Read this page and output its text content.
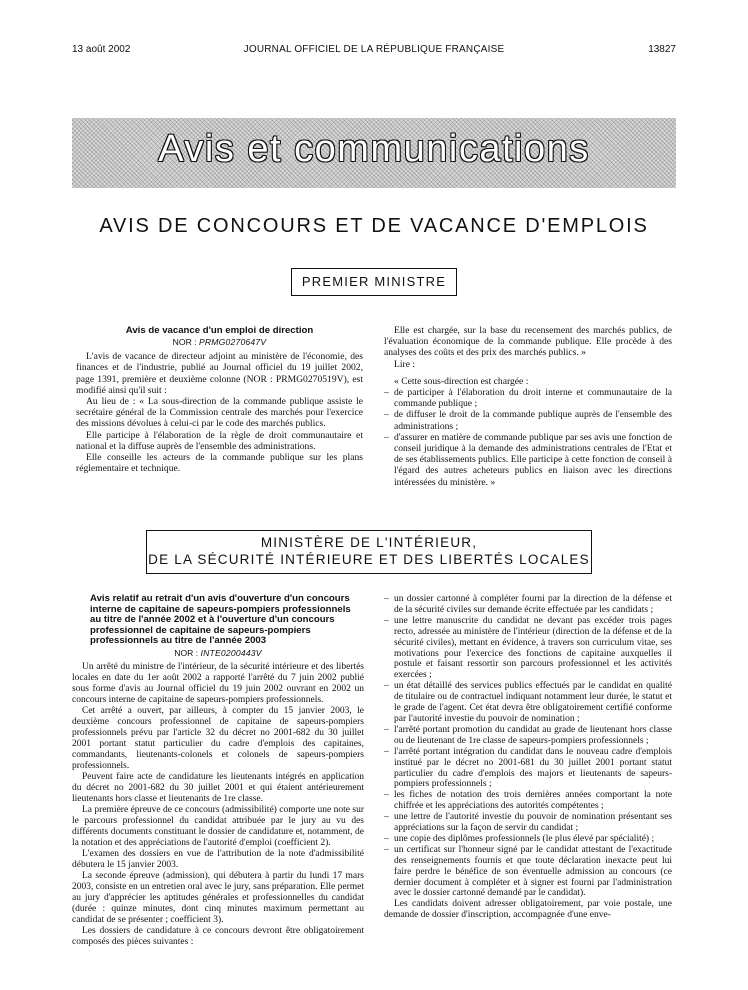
13 août 2002	JOURNAL OFFICIEL DE LA RÉPUBLIQUE FRANÇAISE	13827
Avis et communications
AVIS DE CONCOURS ET DE VACANCE D'EMPLOIS
PREMIER MINISTRE
Avis de vacance d'un emploi de direction

NOR : PRMG0270647V

L'avis de vacance de directeur adjoint au ministère de l'économie, des finances et de l'industrie, publié au Journal officiel du 19 juillet 2002, page 1391, première et deuxième colonne (NOR : PRMG0270519V), est modifié ainsi qu'il suit :

Au lieu de : « La sous-direction de la commande publique assiste le secrétaire général de la Commission centrale des marchés pour l'exercice des missions dévolues à celui-ci par le code des marchés publics.

Elle participe à l'élaboration de la règle de droit communautaire et national et la diffuse auprès de l'ensemble des administrations.

Elle conseille les acteurs de la commande publique sur les plans réglementaire et technique.

Elle est chargée, sur la base du recensement des marchés publics, de l'évaluation économique de la commande publique. Elle procède à des analyses des coûts et des prix des marchés publics. »

Lire :

« Cette sous-direction est chargée :

– de participer à l'élaboration du droit interne et communautaire de la commande publique ;
– de diffuser le droit de la commande publique auprès de l'ensemble des administrations ;
– d'assurer en matière de commande publique par ses avis une fonction de conseil juridique à la demande des administrations centrales de l'Etat et de ses établissements publics. Elle participe à cette fonction de conseil à l'égard des autres acheteurs publics en liaison avec les directions intéressées du ministère. »
MINISTÈRE DE L'INTÉRIEUR,
DE LA SÉCURITÉ INTÉRIEURE ET DES LIBERTÉS LOCALES
Avis relatif au retrait d'un avis d'ouverture d'un concours interne de capitaine de sapeurs-pompiers professionnels au titre de l'année 2002 et à l'ouverture d'un concours professionnel de capitaine de sapeurs-pompiers professionnels au titre de l'année 2003

NOR : INTE0200443V

Un arrêté du ministre de l'intérieur, de la sécurité intérieure et des libertés locales en date du 1er août 2002 a rapporté l'arrêté du 7 juin 2002 publié sous forme d'avis au Journal officiel du 19 juin 2002 ouvrant en 2002 un concours interne de capitaine de sapeurs-pompiers professionnels.

Cet arrêté a ouvert, par ailleurs, à compter du 15 janvier 2003, le deuxième concours professionnel de capitaine de sapeurs-pompiers professionnels prévu par l'article 32 du décret no 2001-682 du 30 juillet 2001 portant statut particulier du cadre d'emplois des capitaines, commandants, lieutenants-colonels et colonels de sapeurs-pompiers professionnels.

Peuvent faire acte de candidature les lieutenants intégrés en application du décret no 2001-682 du 30 juillet 2001 et qui étaient antérieurement lieutenants hors classe et lieutenants de 1re classe.

La première épreuve de ce concours (admissibilité) comporte une note sur le parcours professionnel du candidat attribuée par le jury au vu des différents documents constituant le dossier de candidature et, notamment, de la notation et des appréciations de l'autorité d'emploi (coefficient 2).

L'examen des dossiers en vue de l'attribution de la note d'admissibilité débutera le 15 janvier 2003.

La seconde épreuve (admission), qui débutera à partir du lundi 17 mars 2003, consiste en un entretien oral avec le jury, sans préparation. Elle permet au jury d'apprécier les aptitudes générales et professionnelles du candidat (durée : quinze minutes, dont cinq minutes maximum permettant au candidat de se présenter ; coefficient 3).

Les dossiers de candidature à ce concours devront être obligatoirement composés des pièces suivantes :

– un dossier cartonné à compléter fourni par la direction de la défense et de la sécurité civiles sur demande écrite effectuée par les candidats ;
– une lettre manuscrite du candidat ne devant pas excéder trois pages recto, adressée au ministère de l'intérieur (direction de la défense et de la sécurité civiles), mettant en évidence, à travers son curriculum vitae, ses motivations pour l'exercice des fonctions de capitaine auxquelles il postule et faisant ressortir son parcours professionnel et les activités exercées ;
– un état détaillé des services publics effectués par le candidat en qualité de titulaire ou de contractuel indiquant notamment leur durée, le statut et le grade de l'agent. Cet état devra être obligatoirement certifié conforme par l'autorité investie du pouvoir de nomination ;
– l'arrêté portant promotion du candidat au grade de lieutenant hors classe ou de lieutenant de 1re classe de sapeurs-pompiers professionnels ;
– l'arrêté portant intégration du candidat dans le nouveau cadre d'emplois institué par le décret no 2001-681 du 30 juillet 2001 portant statut particulier du cadre d'emplois des majors et lieutenants de sapeurs-pompiers professionnels ;
– les fiches de notation des trois dernières années comportant la note chiffrée et les appréciations des autorités compétentes ;
– une lettre de l'autorité investie du pouvoir de nomination présentant ses appréciations sur la façon de servir du candidat ;
– une copie des diplômes professionnels (le plus élevé par spécialité) ;
– un certificat sur l'honneur signé par le candidat attestant de l'exactitude des renseignements fournis et que toute déclaration inexacte peut lui faire perdre le bénéfice de son éventuelle admission au concours (ce dernier document à compléter et à signer est fourni par l'administration avec le dossier cartonné demandé par le candidat).

Les candidats doivent adresser obligatoirement, par voie postale, une demande de dossier d'inscription, accompagnée d'une enve-
